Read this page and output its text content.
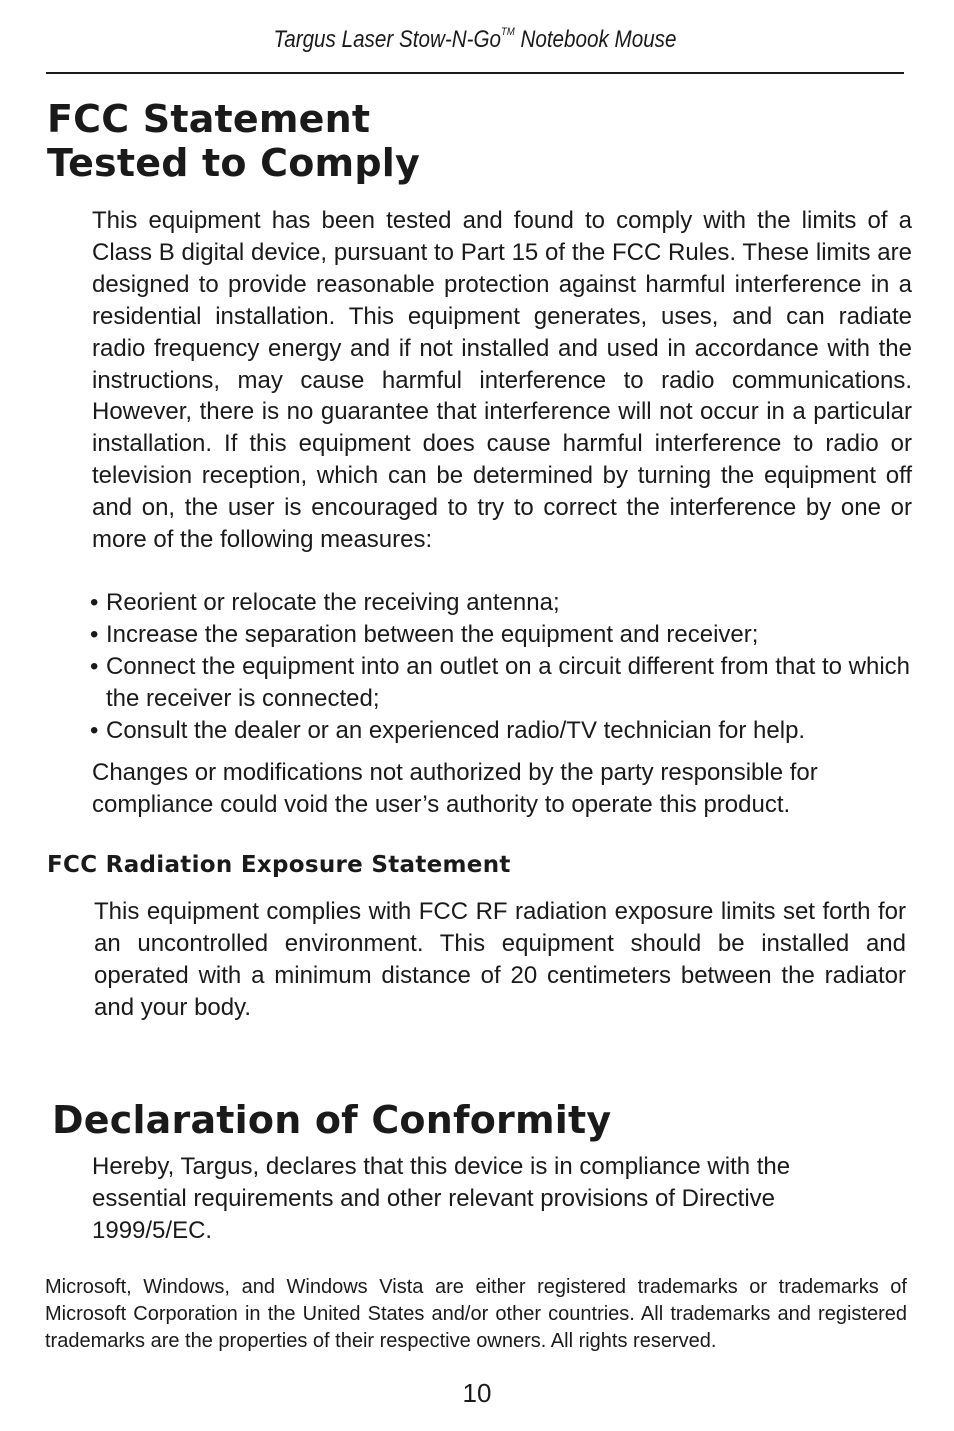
Targus Laser Stow-N-Go™ Notebook Mouse
FCC Statement
Tested to Comply

This equipment has been tested and found to comply with the limits of a Class B digital device, pursuant to Part 15 of the FCC Rules. These limits are designed to provide reasonable protection against harmful interference in a residential installation. This equipment generates, uses, and can radiate radio frequency energy and if not installed and used in accordance with the instructions, may cause harmful interference to radio communications. However, there is no guarantee that interference will not occur in a particular installation. If this equipment does cause harmful interference to radio or television reception, which can be determined by turning the equipment off and on, the user is encouraged to try to correct the interference by one or more of the following measures:

• Reorient or relocate the receiving antenna;
• Increase the separation between the equipment and receiver;
• Connect the equipment into an outlet on a circuit different from that to which the receiver is connected;
• Consult the dealer or an experienced radio/TV technician for help.

Changes or modifications not authorized by the party responsible for compliance could void the user’s authority to operate this product.

FCC Radiation Exposure Statement

This equipment complies with FCC RF radiation exposure limits set forth for an uncontrolled environment. This equipment should be installed and operated with a minimum distance of 20 centimeters between the radiator and your body.

Declaration of Conformity

Hereby, Targus, declares that this device is in compliance with the essential requirements and other relevant provisions of Directive 1999/5/EC.

Microsoft, Windows, and Windows Vista are either registered trademarks or trademarks of Microsoft Corporation in the United States and/or other countries. All trademarks and registered trademarks are the properties of their respective owners. All rights reserved.

10
